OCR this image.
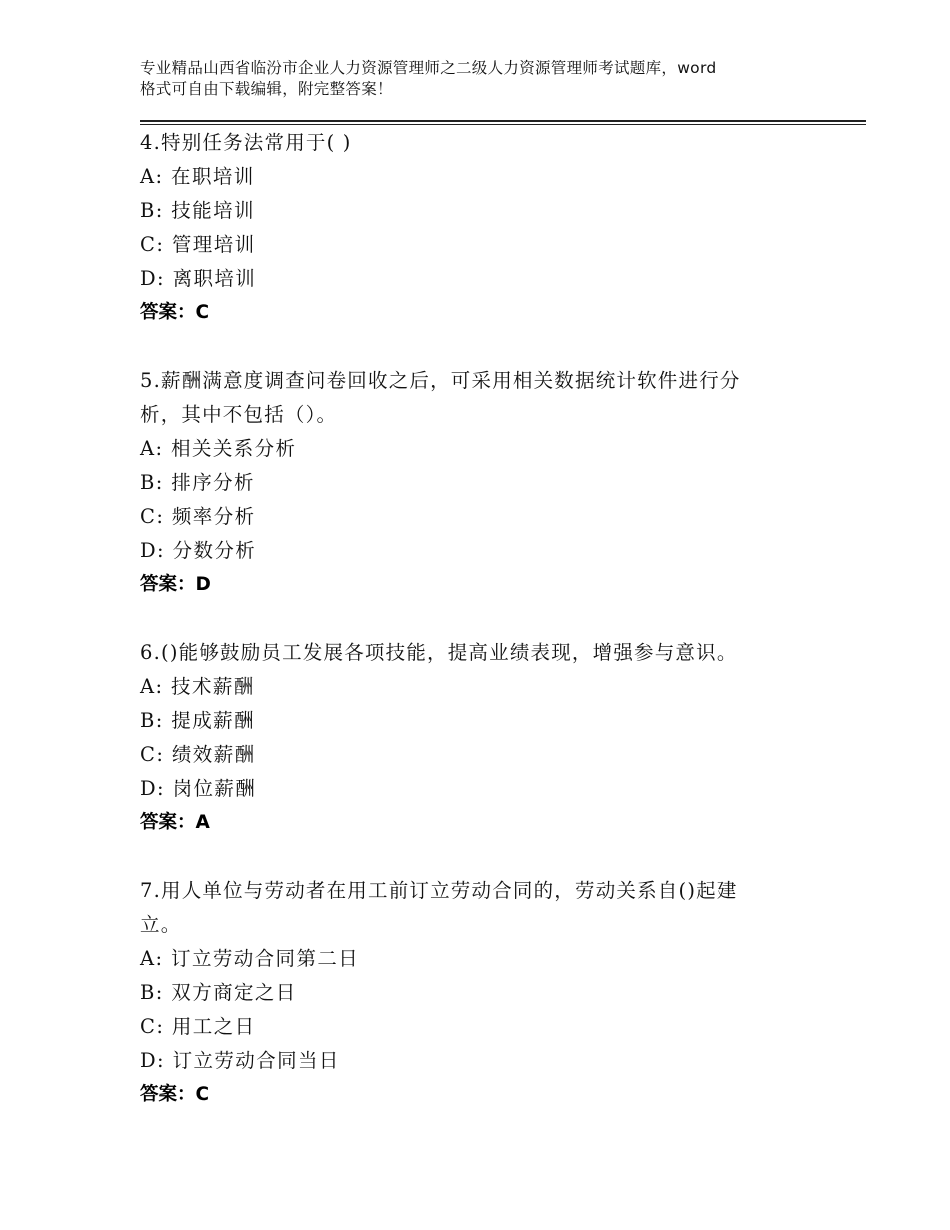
专业精品山西省临汾市企业人力资源管理师之二级人力资源管理师考试题库，word
格式可自由下载编辑，附完整答案！

4.特别任务法常用于( )

A: 在职培训

B: 技能培训

C: 管理培训

D: 离职培训

答案：C

5.薪酬满意度调查问卷回收之后，可采用相关数据统计软件进行分

析，其中不包括（）。

A: 相关关系分析

B: 排序分析

C: 频率分析

D: 分数分析

答案：D

6.()能够鼓励员工发展各项技能，提高业绩表现，增强参与意识。

A: 技术薪酬

B: 提成薪酬

C: 绩效薪酬

D: 岗位薪酬

答案：A

7.用人单位与劳动者在用工前订立劳动合同的，劳动关系自()起建

立。

A: 订立劳动合同第二日

B: 双方商定之日

C: 用工之日

D: 订立劳动合同当日

答案：C
